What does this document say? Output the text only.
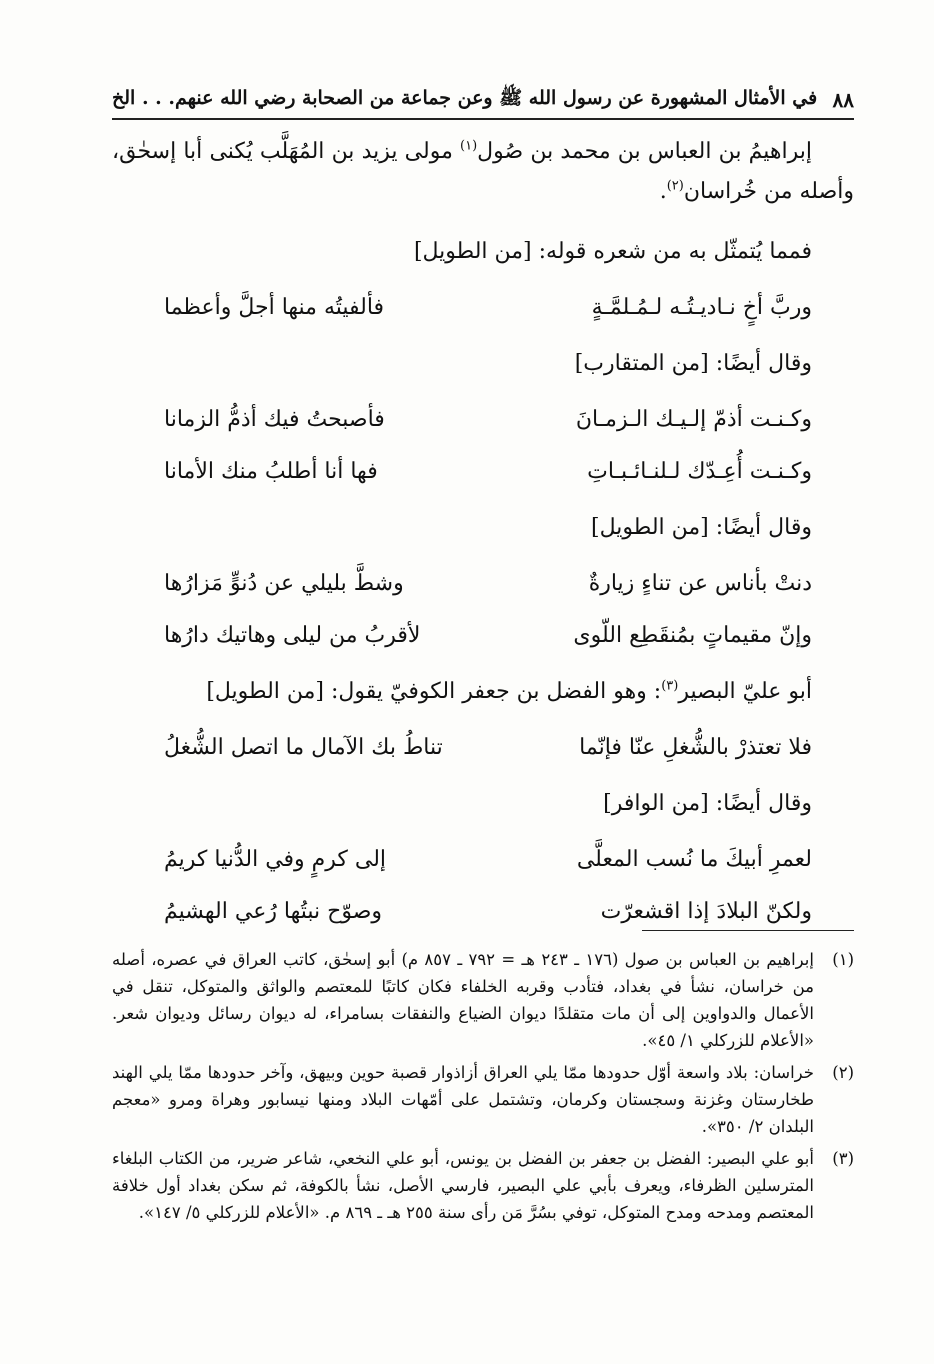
٨٨
في الأمثال المشهورة عن رسول الله ﷺ وعن جماعة من الصحابة رضي الله عنهم. . . الخ

إبراهيمُ بن العباس بن محمد بن صُول$^{(١)}$ مولى يزيد بن المُهَلَّب يُكنى أبا إسحٰق، وأصله من خُراسان$^{(٢)}$.

فمما يُتمثّل به من شعره قوله: [من الطويل]

وربَّ أخٍ نـاديـتُـه لـمُـلمَّـةٍ
فألفيتُه منها أجلَّ وأعظما

وقال أيضًا: [من المتقارب]

وكـنـت أذمّ إلـيـك الـزمـانَ
فأصبحتُ فيك أذمُّ الزمانا
وكـنـت أُعِـدّك لـلنـائـبـاتِ
فها أنا أطلبُ منك الأمانا

وقال أيضًا: [من الطويل]

دنتْ بأناس عن تناءٍ زيارةٌ
وشطَّ بليلي عن دُنوٍّ مَزارُها
وإنّ مقيماتٍ بمُنقَطِع اللّوى
لأقربُ من ليلى وهاتيك دارُها

أبو عليّ البصير$^{(٣)}$: وهو الفضل بن جعفر الكوفيّ يقول: [من الطويل]

فلا تعتذرْ بالشُّغلِ عنّا فإنّما
تناطُ بك الآمال ما اتصل الشُّغلُ

وقال أيضًا: [من الوافر]

لعمرِ أبيكَ ما نُسب المعلَّى
إلى كرمٍ وفي الدُّنيا كريمُ
ولكنّ البلادَ إذا اقشعرّت
وصوّح نبتُها رُعي الهشيمُ
(١)
إبراهيم بن العباس بن صول (١٧٦ ـ ٢٤٣ هـ = ٧٩٢ ـ ٨٥٧ م) أبو إسحٰق، كاتب العراق في عصره، أصله من خراسان، نشأ في بغداد، فتأدب وقربه الخلفاء فكان كاتبًا للمعتصم والواثق والمتوكل، تنقل في الأعمال والدواوين إلى أن مات متقلدًا ديوان الضياع والنفقات بسامراء، له ديوان رسائل وديوان شعر. «الأعلام للزركلي ١/ ٤٥».
(٢)
خراسان: بلاد واسعة أوّل حدودها ممّا يلي العراق أزاذوار قصبة حوين وبيهق، وآخر حدودها ممّا يلي الهند طخارستان وغزنة وسجستان وكرمان، وتشتمل على أمّهات البلاد ومنها نيسابور وهراة ومرو «معجم البلدان ٢/ ٣٥٠».
(٣)
أبو علي البصير: الفضل بن جعفر بن الفضل بن يونس، أبو علي النخعي، شاعر ضرير، من الكتاب البلغاء المترسلين الظرفاء، ويعرف بأبي علي البصير، فارسي الأصل، نشأ بالكوفة، ثم سكن بغداد أول خلافة المعتصم ومدحه ومدح المتوكل، توفي بسُرَّ مَن رأى سنة ٢٥٥ هـ ـ ٨٦٩ م. «الأعلام للزركلي ٥/ ١٤٧».
